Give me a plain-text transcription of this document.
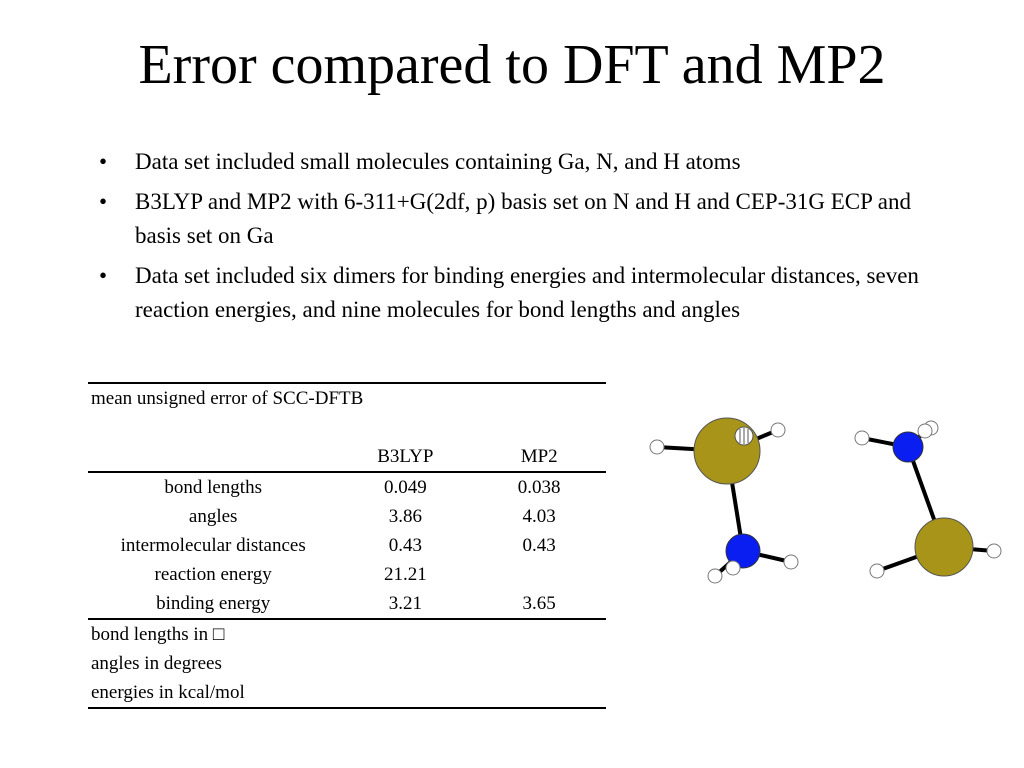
Error compared to DFT and MP2
• Data set included small molecules containing Ga, N, and H atoms
• B3LYP and MP2 with 6-311+G(2df, p) basis set on N and H and CEP-31G ECP and basis set on Ga
• Data set included six dimers for binding energies and intermolecular distances, seven reaction energies, and nine molecules for bond lengths and angles
mean unsigned error of SCC-DFTB		

	B3LYP	MP2
bond lengths	0.049	0.038
angles	3.86	4.03
intermolecular distances	0.43	0.43
reaction energy	21.21	
binding energy	3.21	3.65
bond lengths in □		
angles in degrees		
energies in kcal/mol		
